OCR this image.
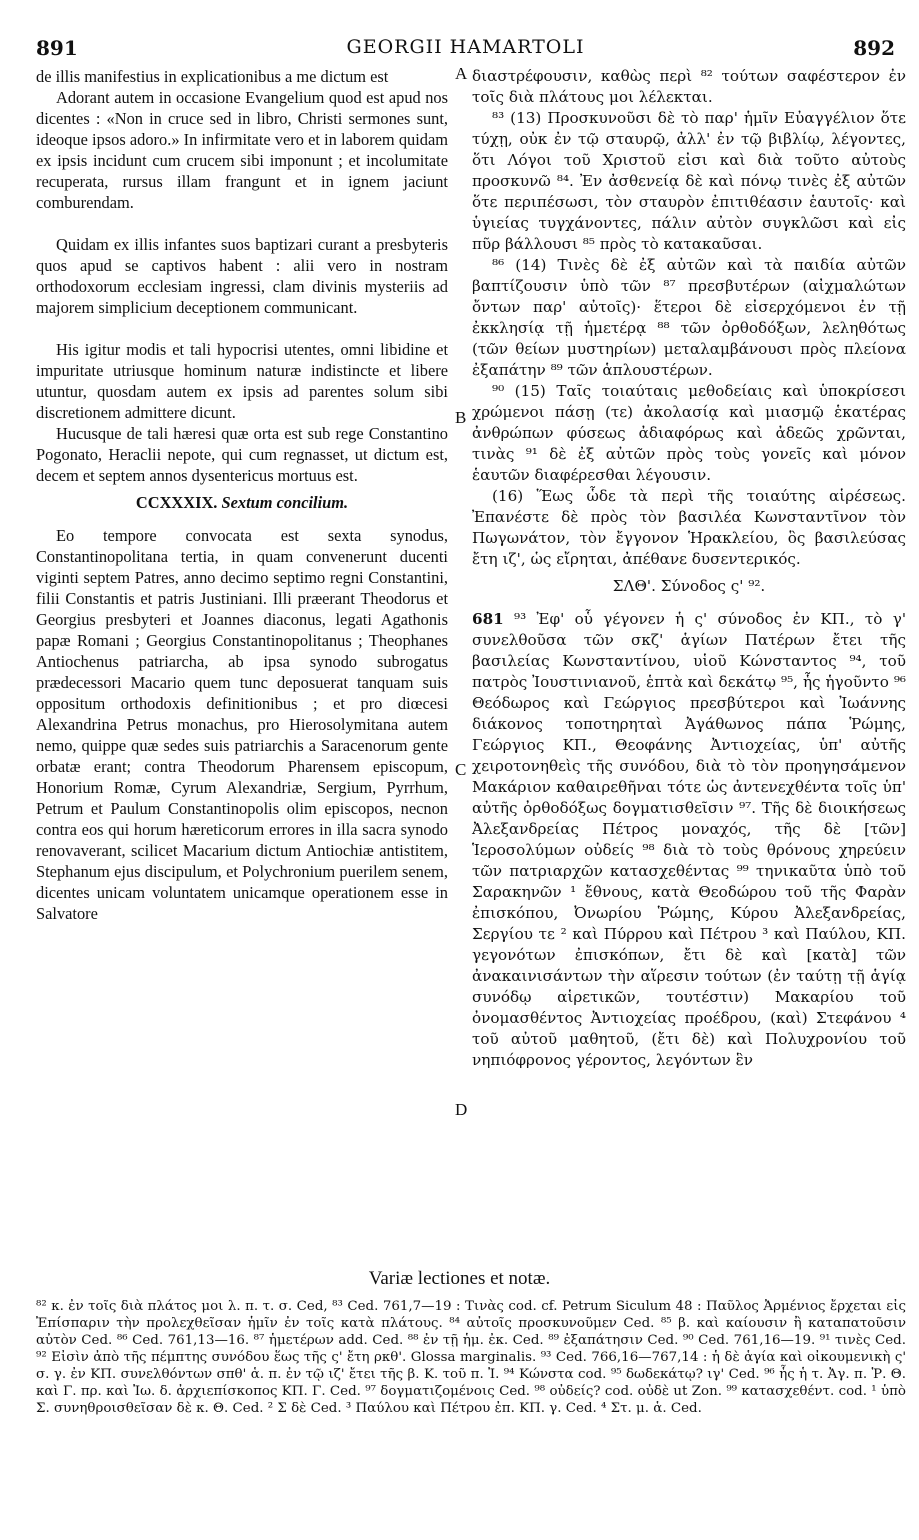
891	GEORGII HAMARTOLI	892

de illis manifestius in explicationibus a me dictum est

Adorant autem in occasione Evangelium quod est apud nos dicentes : «Non in cruce sed in libro, Christi sermones sunt, ideoque ipsos adoro.» In infirmitate vero et in laborem quidam ex ipsis incidunt cum crucem sibi imponunt ; et incolumitate recuperata, rursus illam frangunt et in ignem jaciunt comburendam.

Quidam ex illis infantes suos baptizari curant a presbyteris quos apud se captivos habent : alii vero in nostram orthodoxorum ecclesiam ingressi, clam divinis mysteriis ad majorem simplicium deceptionem communicant.

His igitur modis et tali hypocrisi utentes, omni libidine et impuritate utriusque hominum naturæ indistincte et libere utuntur, quosdam autem ex ipsis ad parentes solum sibi discretionem admittere dicunt.

Hucusque de tali hæresi quæ orta est sub rege Constantino Pogonato, Heraclii nepote, qui cum regnasset, ut dictum est, decem et septem annos dysentericus mortuus est.

CCXXXIX. Sextum concilium.

Eo tempore convocata est sexta synodus, Constantinopolitana tertia, in quam convenerunt ducenti viginti septem Patres, anno decimo septimo regni Constantini, filii Constantis et patris Justiniani. Illi præerant Theodorus et Georgius presbyteri et Joannes diaconus, legati Agathonis papæ Romani ; Georgius Constantinopolitanus ; Theophanes Antiochenus patriarcha, ab ipsa synodo subrogatus prædecessori Macario quem tunc deposuerat tanquam suis oppositum orthodoxis definitionibus ; et pro diœcesi Alexandrina Petrus monachus, pro Hierosolymitana autem nemo, quippe quæ sedes suis patriarchis a Saracenorum gente orbatæ erant; contra Theodorum Pharensem episcopum, Honorium Romæ, Cyrum Alexandriæ, Sergium, Pyrrhum, Petrum et Paulum Constantinopolis olim episcopos, necnon contra eos qui horum hæreticorum errores in illa sacra synodo renovaverant, scilicet Macarium dictum Antiochiæ antistitem, Stephanum ejus discipulum, et Polychronium puerilem senem, dicentes unicam voluntatem unicamque operationem esse in Salvatore

A
B
C
D

διαστρέφουσιν, καθὼς περὶ ⁸² τούτων σαφέστερον ἐν τοῖς διὰ πλάτους μοι λέλεκται.

⁸³ (13) Προσκυνοῦσι δὲ τὸ παρ' ἡμῖν Εὐαγγέλιον ὅτε τύχῃ, οὐκ ἐν τῷ σταυρῷ, ἀλλ' ἐν τῷ βιβλίῳ, λέγοντες, ὅτι Λόγοι τοῦ Χριστοῦ εἰσι καὶ διὰ τοῦτο αὐτοὺς προσκυνῶ ⁸⁴. Ἐν ἀσθενείᾳ δὲ καὶ πόνῳ τινὲς ἐξ αὐτῶν ὅτε περιπέσωσι, τὸν σταυρὸν ἐπιτιθέασιν ἑαυτοῖς· καὶ ὑγιείας τυγχάνοντες, πάλιν αὐτὸν συγκλῶσι καὶ εἰς πῦρ βάλλουσι ⁸⁵ πρὸς τὸ κατακαῦσαι.

⁸⁶ (14) Τινὲς δὲ ἐξ αὐτῶν καὶ τὰ παιδία αὐτῶν βαπτίζουσιν ὑπὸ τῶν ⁸⁷ πρεσβυτέρων (αἰχμαλώτων ὄντων παρ' αὐτοῖς)· ἕτεροι δὲ εἰσερχόμενοι ἐν τῇ ἐκκλησίᾳ τῇ ἡμετέρᾳ ⁸⁸ τῶν ὀρθοδόξων, λεληθότως (τῶν θείων μυστηρίων) μεταλαμβάνουσι πρὸς πλείονα ἐξαπάτην ⁸⁹ τῶν ἁπλουστέρων.

⁹⁰ (15) Ταῖς τοιαύταις μεθοδείαις καὶ ὑποκρίσεσι χρώμενοι πάσῃ (τε) ἀκολασίᾳ καὶ μιασμῷ ἑκατέρας ἀνθρώπων φύσεως ἀδιαφόρως καὶ ἀδεῶς χρῶνται, τινὰς ⁹¹ δὲ ἐξ αὐτῶν πρὸς τοὺς γονεῖς καὶ μόνον ἑαυτῶν διαφέρεσθαι λέγουσιν.

(16) Ἕως ὧδε τὰ περὶ τῆς τοιαύτης αἱρέσεως. Ἐπανέστε δὲ πρὸς τὸν βασιλέα Κωνσταντῖνον τὸν Πωγωνάτον, τὸν ἔγγονον Ἡρακλείου, ὃς βασιλεύσας ἔτη ιζ', ὡς εἴρηται, ἀπέθανε δυσεντερικός.

ΣΛΘ'. Σύνοδος ς' ⁹².

681 ⁹³ Ἐφ' οὗ γέγονεν ἡ ς' σύνοδος ἐν ΚΠ., τὸ γ' συνελθοῦσα τῶν σκζ' ἁγίων Πατέρων ἔτει τῆς βασιλείας Κωνσταντίνου, υἱοῦ Κώνσταντος ⁹⁴, τοῦ πατρὸς Ἰουστινιανοῦ, ἑπτὰ καὶ δεκάτῳ ⁹⁵, ἧς ἡγοῦντο ⁹⁶ Θεόδωρος καὶ Γεώργιος πρεσβύτεροι καὶ Ἰωάννης διάκονος τοποτηρηταὶ Ἀγάθωνος πάπα Ῥώμης, Γεώργιος ΚΠ., Θεοφάνης Ἀντιοχείας, ὑπ' αὐτῆς χειροτονηθεὶς τῆς συνόδου, διὰ τὸ τὸν προηγησάμενον Μακάριον καθαιρεθῆναι τότε ὡς ἀντενεχθέντα τοῖς ὑπ' αὐτῆς ὀρθοδόξως δογματισθεῖσιν ⁹⁷. Τῆς δὲ διοικήσεως Ἀλεξανδρείας Πέτρος μοναχός, τῆς δὲ [τῶν] Ἱεροσολύμων οὐδείς ⁹⁸ διὰ τὸ τοὺς θρόνους χηρεύειν τῶν πατριαρχῶν κατασχεθέντας ⁹⁹ τηνικαῦτα ὑπὸ τοῦ Σαρακηνῶν ¹ ἔθνους, κατὰ Θεοδώρου τοῦ τῆς Φαρὰν ἐπισκόπου, Ὀνωρίου Ῥώμης, Κύρου Ἀλεξανδρείας, Σεργίου τε ² καὶ Πύρρου καὶ Πέτρου ³ καὶ Παύλου, ΚΠ. γεγονότων ἐπισκόπων, ἔτι δὲ καὶ [κατὰ] τῶν ἀνακαινισάντων τὴν αἵρεσιν τούτων (ἐν ταύτῃ τῇ ἁγίᾳ συνόδῳ αἱρετικῶν, τουτέστιν) Μακαρίου τοῦ ὀνομασθέντος Ἀντιοχείας προέδρου, (καὶ) Στεφάνου ⁴ τοῦ αὐτοῦ μαθητοῦ, (ἔτι δὲ) καὶ Πολυχρονίου τοῦ νηπιόφρονος γέροντος, λεγόντων ἓν

Variæ lectiones et notæ.

⁸² κ. ἐν τοῖς διὰ πλάτος μοι λ. π. τ. σ. Ced, ⁸³ Ced. 761,7—19 : Τινὰς cod. cf. Petrum Siculum 48 : Παῦλος Ἀρμένιος ἔρχεται εἰς Ἐπίσπαριν τὴν προλεχθεῖσαν ἡμῖν ἐν τοῖς κατὰ πλάτους. ⁸⁴ αὐτοῖς προσκυνοῦμεν Ced. ⁸⁵ β. καὶ καίουσιν ἢ καταπατοῦσιν αὐτὸν Ced. ⁸⁶ Ced. 761,13—16. ⁸⁷ ἡμετέρων add. Ced. ⁸⁸ ἐν τῇ ἡμ. ἐκ. Ced. ⁸⁹ ἐξαπάτησιν Ced. ⁹⁰ Ced. 761,16—19. ⁹¹ τινὲς Ced. ⁹² Εἰσὶν ἀπὸ τῆς πέμπτης συνόδου ἕως τῆς ς' ἔτη ρκθ'. Glossa marginalis. ⁹³ Ced. 766,16—767,14 : ἡ δὲ ἁγία καὶ οἰκουμενικὴ ς' σ. γ. ἐν ΚΠ. συνελθόντων σπθ' ἁ. π. ἐν τῷ ιζ' ἔτει τῆς β. Κ. τοῦ π. Ἰ. ⁹⁴ Κώνστα cod. ⁹⁵ δωδεκάτῳ? ιγ' Ced. ⁹⁶ ἧς ἡ τ. Ἀγ. π. Ῥ. Θ. καὶ Γ. πρ. καὶ Ἰω. δ. ἀρχιεπίσκοπος ΚΠ. Γ. Ced. ⁹⁷ δογματιζομένοις Ced. ⁹⁸ οὐδείς? cod. οὐδὲ ut Zon. ⁹⁹ κατασχεθέντ. cod. ¹ ὑπὸ Σ. συνηθροισθεῖσαν δὲ κ. Θ. Ced. ² Σ δὲ Ced. ³ Παύλου καὶ Πέτρου ἐπ. ΚΠ. γ. Ced. ⁴ Στ. μ. ἁ. Ced.
